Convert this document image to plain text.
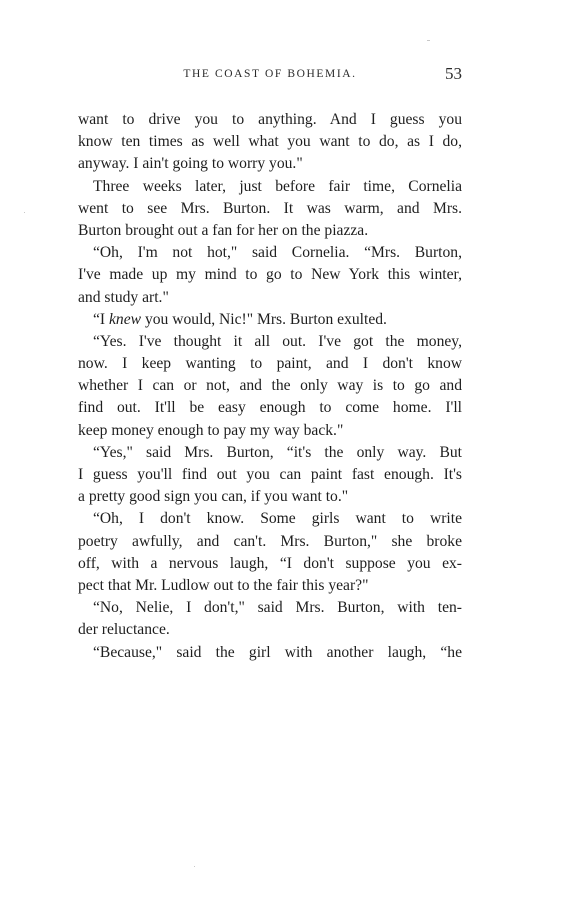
THE COAST OF BOHEMIA.	53
want to drive you to anything. And I guess you
know ten times as well what you want to do, as I do,
anyway. I ain't going to worry you."
Three weeks later, just before fair time, Cornelia
went to see Mrs. Burton. It was warm, and Mrs.
Burton brought out a fan for her on the piazza.
“Oh, I'm not hot," said Cornelia. “Mrs. Burton,
I've made up my mind to go to New York this winter,
and study art."
“I knew you would, Nic!" Mrs. Burton exulted.
“Yes. I've thought it all out. I've got the money,
now. I keep wanting to paint, and I don't know
whether I can or not, and the only way is to go and
find out. It'll be easy enough to come home. I'll
keep money enough to pay my way back."
“Yes," said Mrs. Burton, “it's the only way. But
I guess you'll find out you can paint fast enough. It's
a pretty good sign you can, if you want to."
“Oh, I don't know. Some girls want to write
poetry awfully, and can't. Mrs. Burton," she broke
off, with a nervous laugh, “I don't suppose you ex-
pect that Mr. Ludlow out to the fair this year?"
“No, Nelie, I don't," said Mrs. Burton, with ten-
der reluctance.
“Because," said the girl with another laugh, “he
